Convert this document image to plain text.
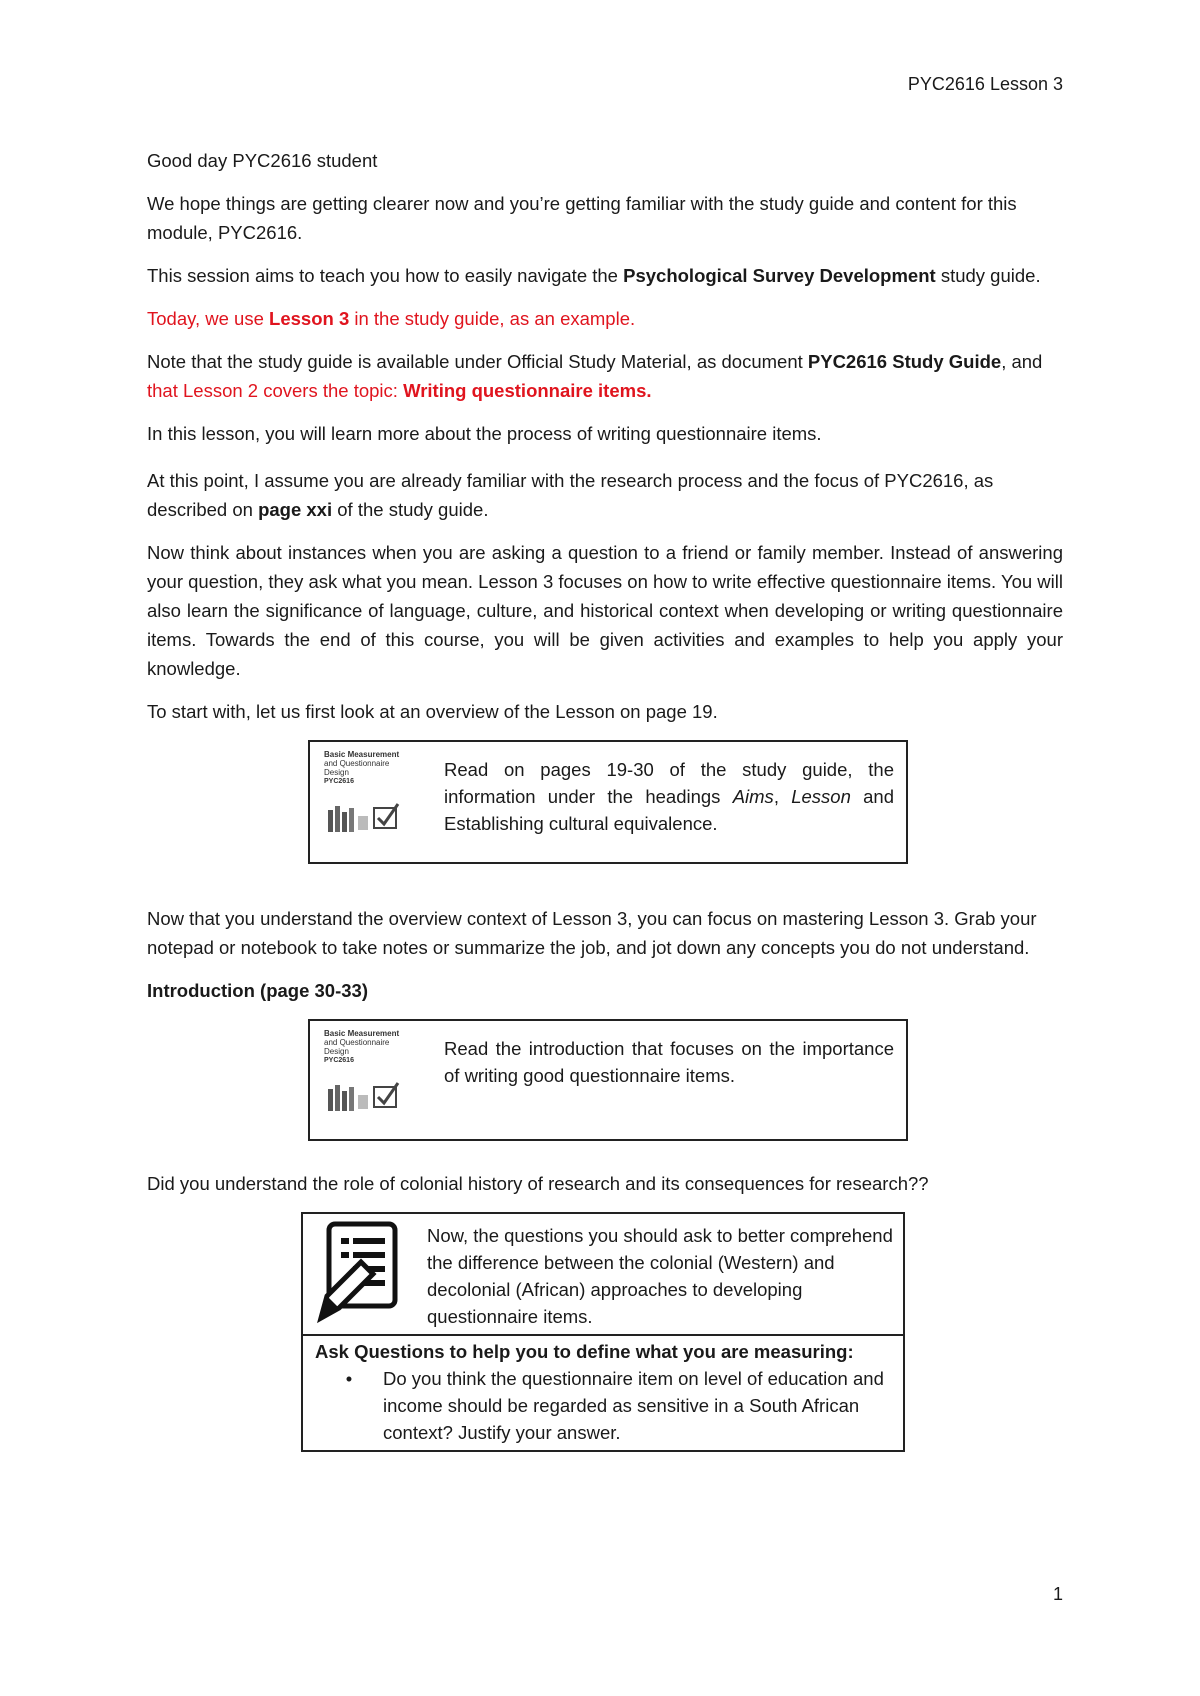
PYC2616 Lesson 3

Good day PYC2616 student

We hope things are getting clearer now and you’re getting familiar with the study guide and content for this module, PYC2616.

This session aims to teach you how to easily navigate the Psychological Survey Development study guide.

Today, we use Lesson 3 in the study guide, as an example.

Note that the study guide is available under Official Study Material, as document PYC2616 Study Guide, and that Lesson 2 covers the topic: Writing questionnaire items.

In this lesson, you will learn more about the process of writing questionnaire items.

At this point, I assume you are already familiar with the research process and the focus of PYC2616, as described on page xxi of the study guide.

Now think about instances when you are asking a question to a friend or family member. Instead of answering your question, they ask what you mean. Lesson 3 focuses on how to write effective questionnaire items. You will also learn the significance of language, culture, and historical context when developing or writing questionnaire items. Towards the end of this course, you will be given activities and examples to help you apply your knowledge.

To start with, let us first look at an overview of the Lesson on page 19.

Basic Measurement
and Questionnaire
Design
PYC2616
Read on pages 19-30 of the study guide, the information under the headings Aims, Lesson and Establishing cultural equivalence.

Now that you understand the overview context of Lesson 3, you can focus on mastering Lesson 3. Grab your notepad or notebook to take notes or summarize the job, and jot down any concepts you do not understand.

Introduction (page 30-33)

Basic Measurement
and Questionnaire
Design
PYC2616
Read the introduction that focuses on the importance of writing good questionnaire items.

Did you understand the role of colonial history of research and its consequences for research??

	Now, the questions you should ask to better comprehend the difference between the colonial (Western) and decolonial (African) approaches to developing questionnaire items.

Ask Questions to help you to define what you are measuring:
•	Do you think the questionnaire item on level of education and income should be regarded as sensitive in a South African context? Justify your answer.
1
